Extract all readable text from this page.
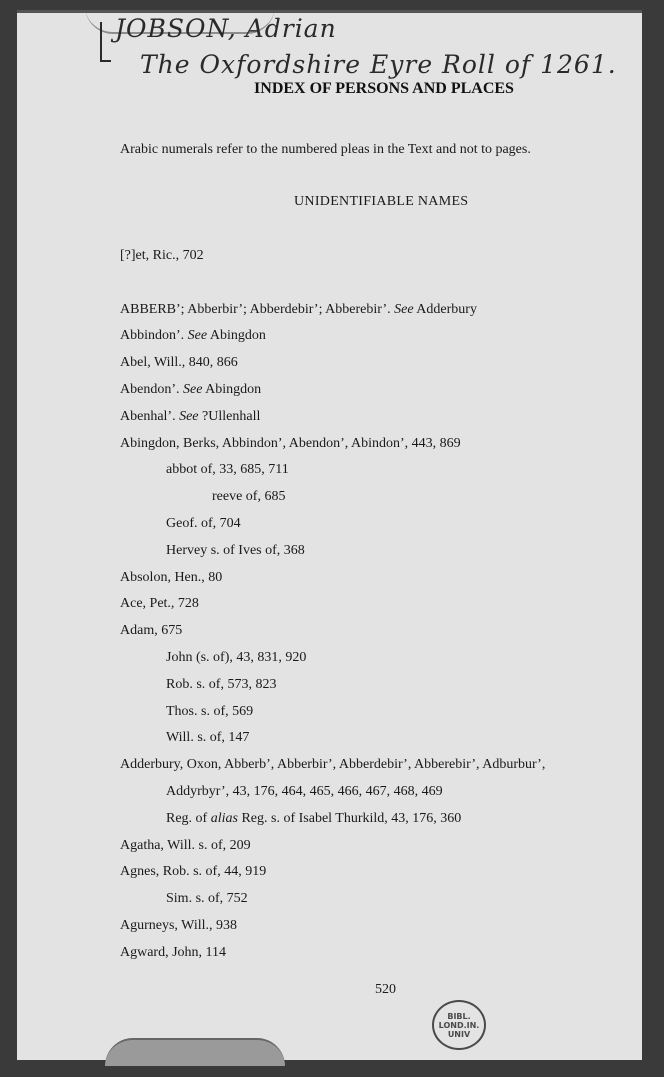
JOBSON, Adrian
The Oxfordshire Eyre Roll of 1261.
INDEX OF PERSONS AND PLACES
Arabic numerals refer to the numbered pleas in the Text and not to pages.
UNIDENTIFIABLE NAMES
[?]et, Ric., 702
ABBERB’; Abberbir’; Abberdebir’; Abberebir’. See Adderbury
Abbindon’. See Abingdon
Abel, Will., 840, 866
Abendon’. See Abingdon
Abenhal’. See ?Ullenhall
Abingdon, Berks, Abbindon’, Abendon’, Abindon’, 443, 869
abbot of, 33, 685, 711
reeve of, 685
Geof. of, 704
Hervey s. of Ives of, 368
Absolon, Hen., 80
Ace, Pet., 728
Adam, 675
John (s. of), 43, 831, 920
Rob. s. of, 573, 823
Thos. s. of, 569
Will. s. of, 147
Adderbury, Oxon, Abberb’, Abberbir’, Abberdebir’, Abberebir’, Adburbur’,
Addyrbyr’, 43, 176, 464, 465, 466, 467, 468, 469
Reg. of alias Reg. s. of Isabel Thurkild, 43, 176, 360
Agatha, Will. s. of, 209
Agnes, Rob. s. of, 44, 919
Sim. s. of, 752
Agurneys, Will., 938
Agward, John, 114
520
BIBL.
LOND.IN.
UNIV
